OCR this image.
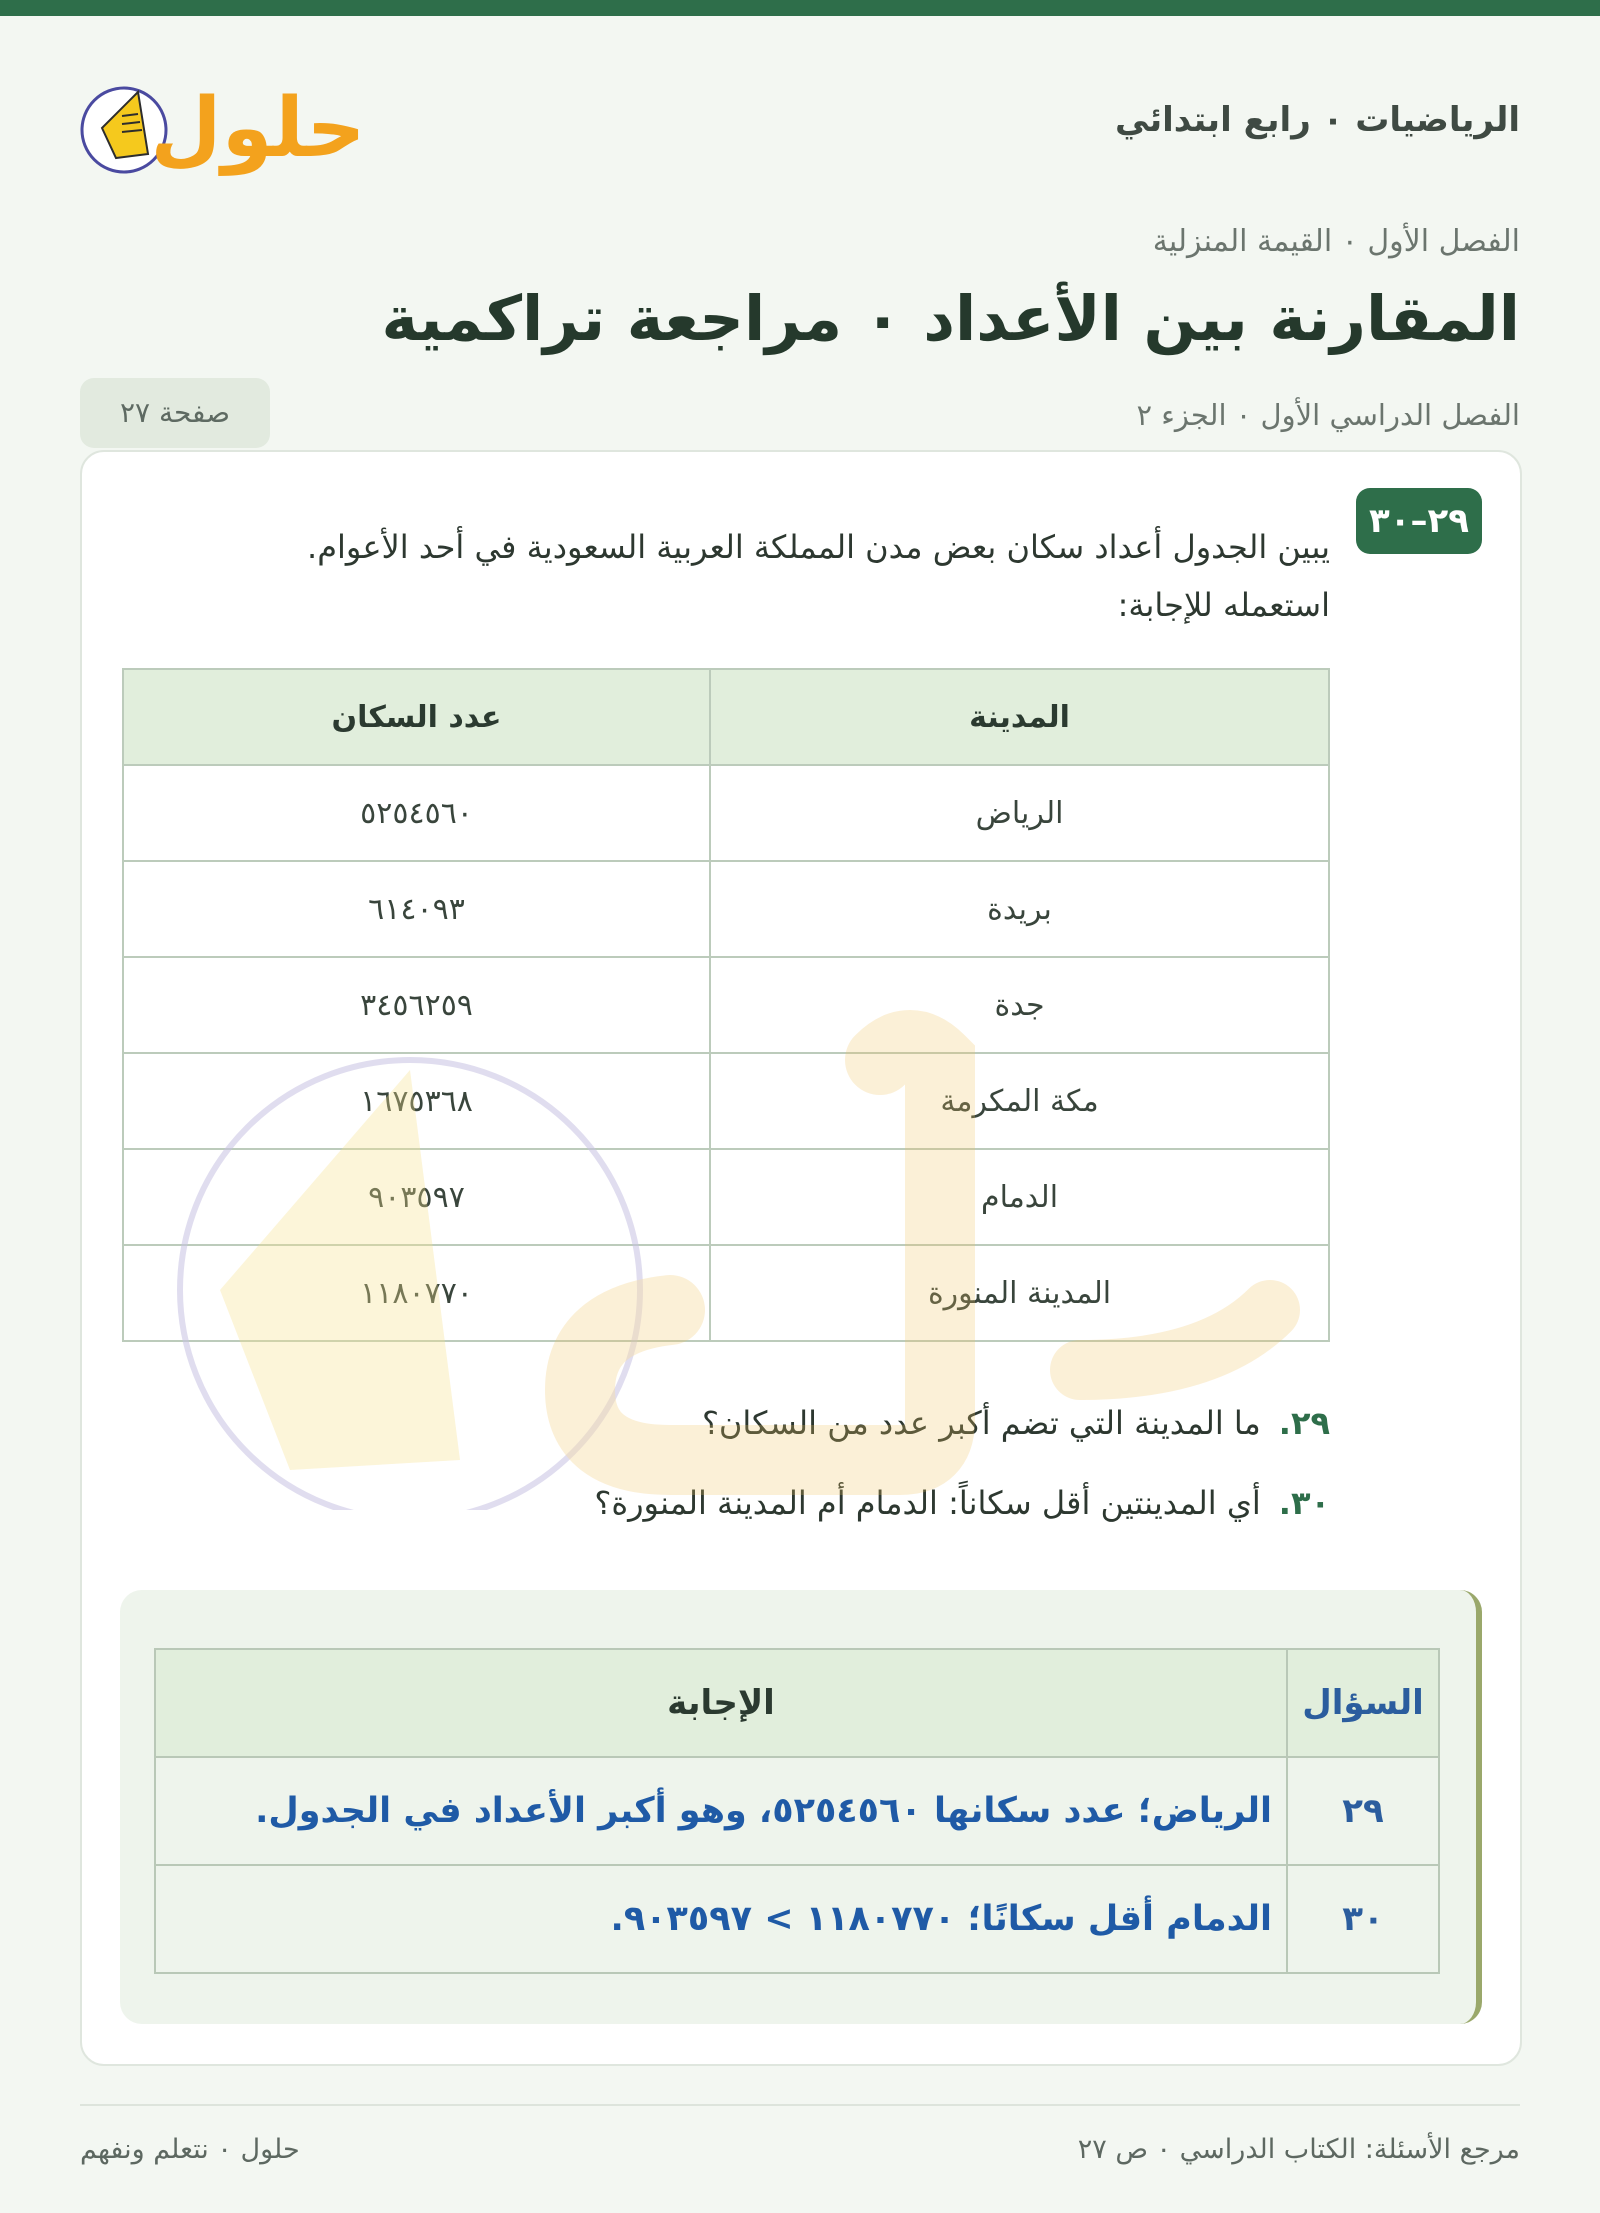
الرياضيات ٠ رابع ابتدائي
حلول
الفصل الأول ٠ القيمة المنزلية
المقارنة بين الأعداد ٠ مراجعة تراكمية
الفصل الدراسي الأول ٠ الجزء ٢
صفحة ٢٧
٢٩–٣٠
يبين الجدول أعداد سكان بعض مدن المملكة العربية السعودية في أحد الأعوام.
استعمله للإجابة:
المدينة	عدد السكان
الرياض	٥٢٥٤٥٦٠
بريدة	٦١٤٠٩٣
جدة	٣٤٥٦٢٥٩
مكة المكرمة	١٦٧٥٣٦٨
الدمام	٩٠٣٥٩٧
المدينة المنورة	١١٨٠٧٧٠
٢٩.ما المدينة التي تضم أكبر عدد من السكان؟
٣٠.أي المدينتين أقل سكاناً: الدمام أم المدينة المنورة؟
السؤال	الإجابة
٢٩	الرياض؛ عدد سكانها ٥٢٥٤٥٦٠، وهو أكبر الأعداد في الجدول.
٣٠	الدمام أقل سكانًا؛ ١١٨٠٧٧٠ > ٩٠٣٥٩٧.
مرجع الأسئلة: الكتاب الدراسي ٠ ص ٢٧
حلول ٠ نتعلم ونفهم
